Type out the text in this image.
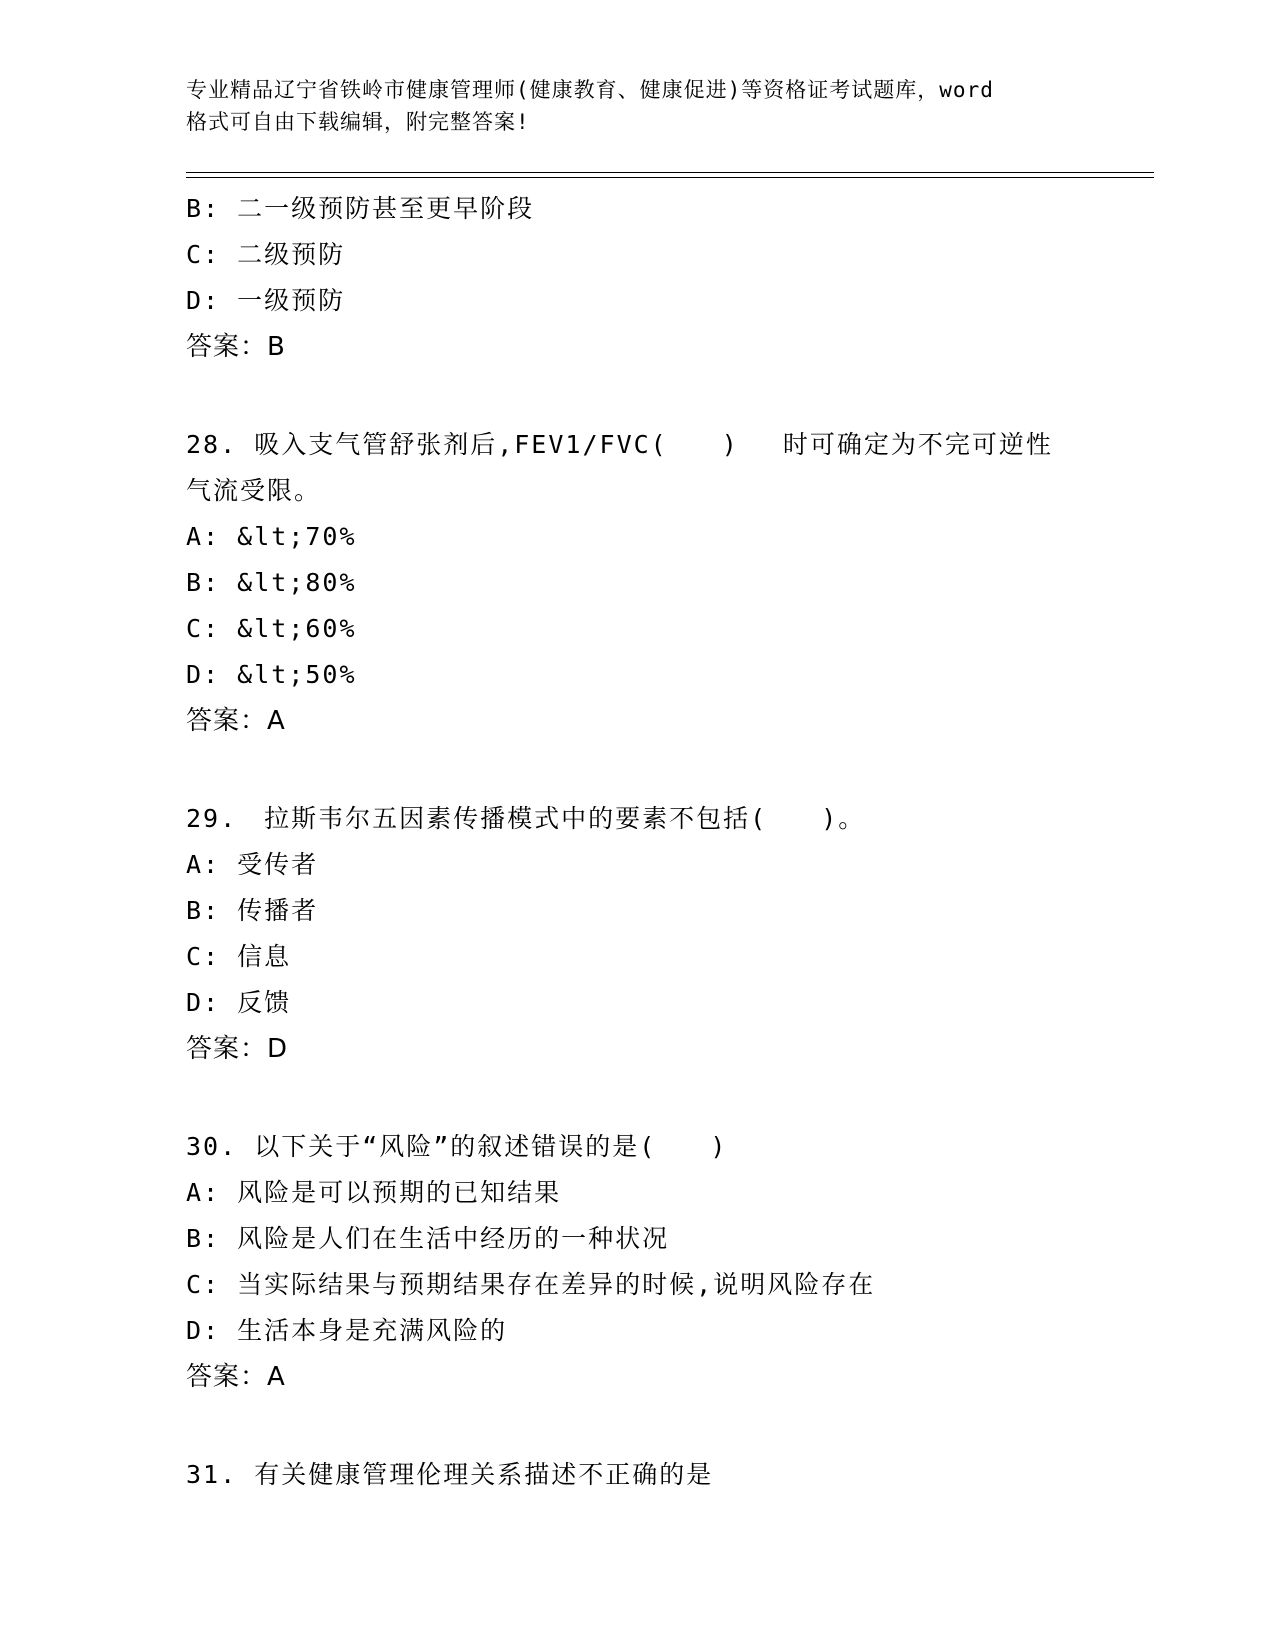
专业精品辽宁省铁岭市健康管理师(健康教育、健康促进)等资格证考试题库，word
格式可自由下载编辑，附完整答案!
B: 二一级预防甚至更早阶段
C: 二级预防
D: 一级预防
答案：B
28. 吸入支气管舒张剂后,FEV1/FVC(　　)　 时可确定为不完可逆性
气流受限。
A: &lt;70%
B: &lt;80%
C: &lt;60%
D: &lt;50%
答案：A
29.　拉斯韦尔五因素传播模式中的要素不包括(　　)。
A: 受传者
B: 传播者
C: 信息
D: 反馈
答案：D
30. 以下关于“风险”的叙述错误的是(　　)
A: 风险是可以预期的已知结果
B: 风险是人们在生活中经历的一种状况
C: 当实际结果与预期结果存在差异的时候,说明风险存在
D: 生活本身是充满风险的
答案：A
31. 有关健康管理伦理关系描述不正确的是
